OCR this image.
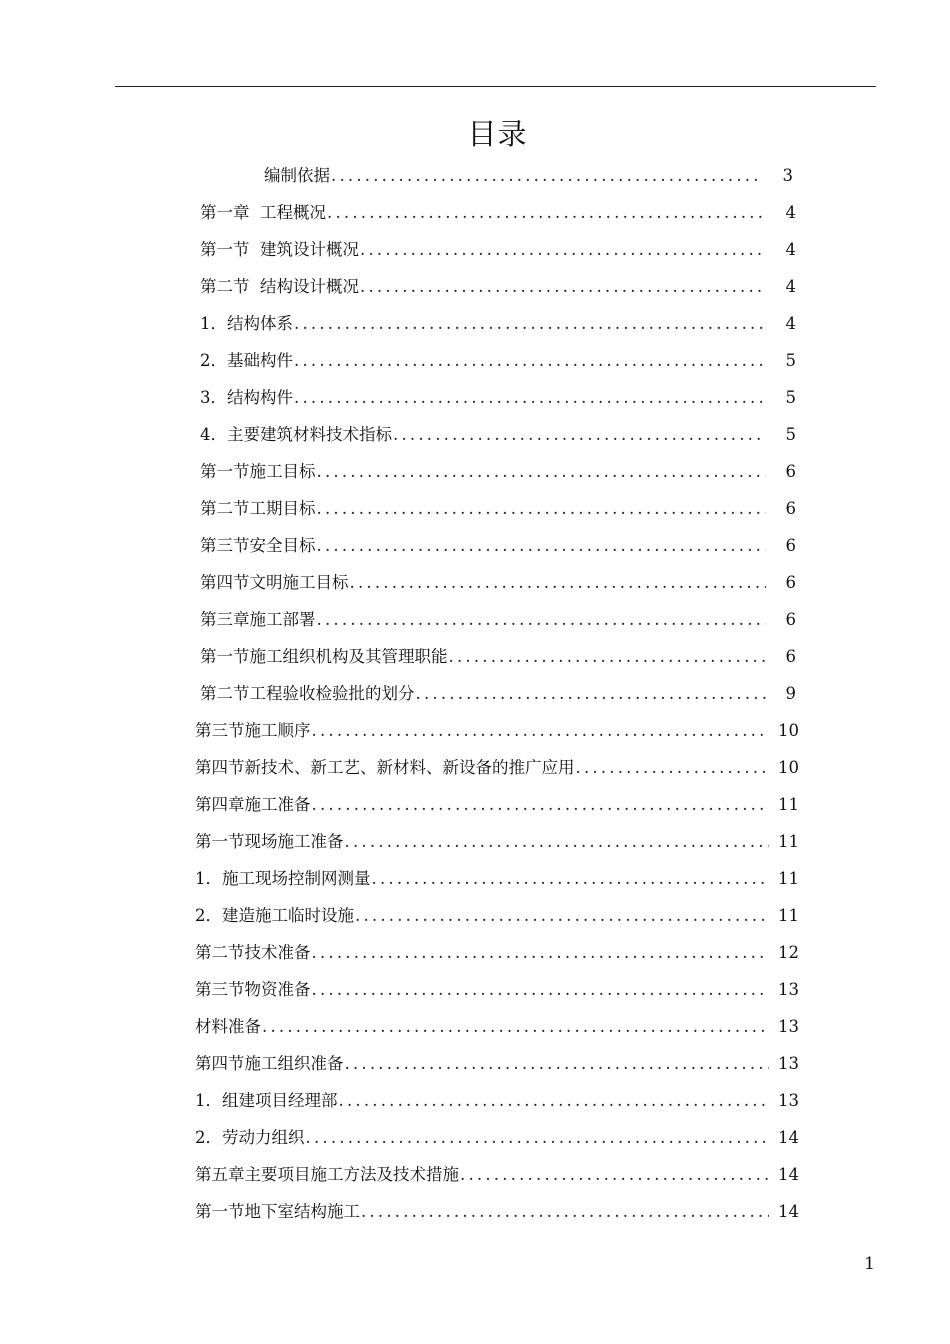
目录
编制依据 .....	3
第一章  工程概况 .....	4
第一节  建筑设计概况 .....	4
第二节  结构设计概况 .....	4
1．结构体系 .....	4
2．基础构件 .....	5
3．结构构件 .....	5
4．主要建筑材料技术指标 .....	5
第一节施工目标 .....	6
第二节工期目标 .....	6
第三节安全目标 .....	6
第四节文明施工目标 .....	6
第三章施工部署 .....	6
第一节施工组织机构及其管理职能 .....	6
第二节工程验收检验批的划分 .....	9
第三节施工顺序 .....	10
第四节新技术、新工艺、新材料、新设备的推广应用 .....	10
第四章施工准备 .....	11
第一节现场施工准备 .....	11
1．施工现场控制网测量 .....	11
2．建造施工临时设施 .....	11
第二节技术准备 .....	12
第三节物资准备 .....	13
材料准备 .....	13
第四节施工组织准备 .....	13
1．组建项目经理部 .....	13
2．劳动力组织 .....	14
第五章主要项目施工方法及技术措施 .....	14
第一节地下室结构施工 .....	14
1
